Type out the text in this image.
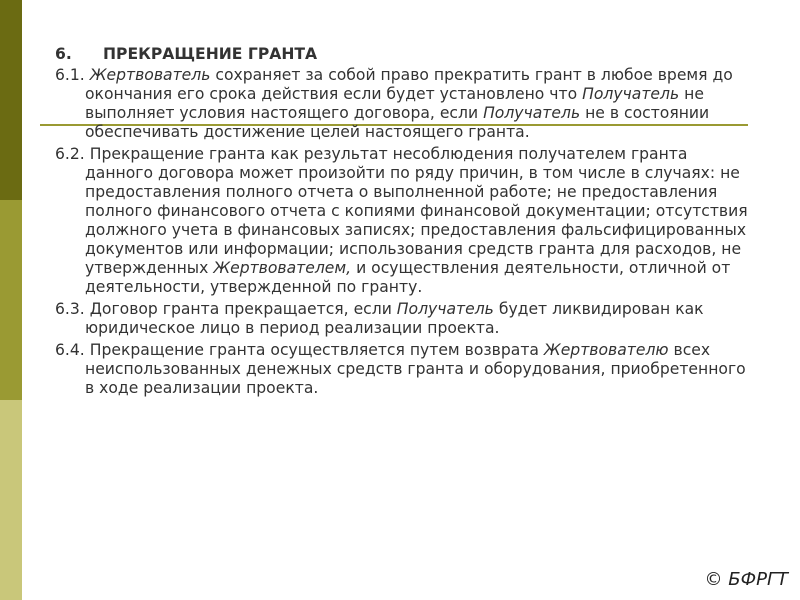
6.	ПРЕКРАЩЕНИЕ ГРАНТА

6.1. Жертвователь сохраняет за собой право прекратить грант в любое время до окончания его срока действия если будет установлено что Получатель не выполняет условия настоящего договора, если Получатель не в состоянии обеспечивать достижение целей настоящего гранта.

6.2. Прекращение гранта как результат несоблюдения получателем гранта данного договора может произойти по ряду причин, в том числе в случаях: не предоставления полного отчета о выполненной работе; не предоставления полного финансового отчета с копиями финансовой документации; отсутствия должного учета в финансовых записях; предоставления фальсифицированных документов или информации; использования средств гранта для расходов, не утвержденных Жертвователем, и осуществления деятельности, отличной от деятельности, утвержденной по гранту.

6.3. Договор гранта прекращается, если Получатель будет ликвидирован как юридическое лицо в период реализации проекта.

6.4. Прекращение гранта осуществляется путем возврата Жертвователю всех неиспользованных денежных средств гранта и оборудования, приобретенного в ходе реализации проекта.

© БФРГТ
